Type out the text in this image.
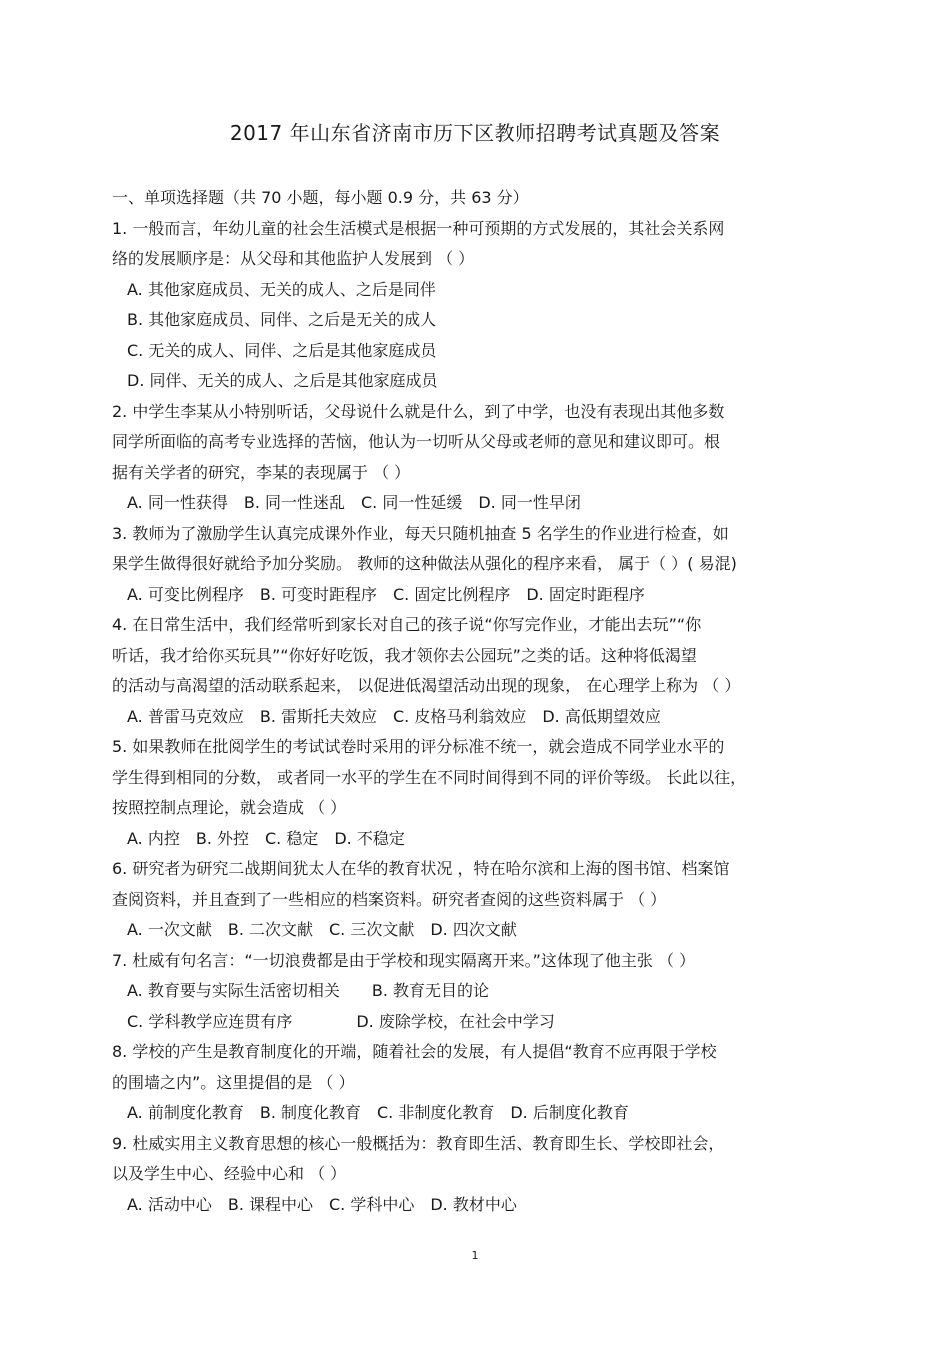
2017 年山东省济南市历下区教师招聘考试真题及答案
一、单项选择题（共 70 小题，每小题 0.9 分，共 63 分）
1. 一般而言，年幼儿童的社会生活模式是根据一种可预期的方式发展的，其社会关系网
络的发展顺序是：从父母和其他监护人发展到 （ ）
A. 其他家庭成员、无关的成人、之后是同伴
B. 其他家庭成员、同伴、之后是无关的成人
C. 无关的成人、同伴、之后是其他家庭成员
D. 同伴、无关的成人、之后是其他家庭成员
2. 中学生李某从小特别听话，父母说什么就是什么，到了中学，也没有表现出其他多数
同学所面临的高考专业选择的苦恼，他认为一切听从父母或老师的意见和建议即可。根
据有关学者的研究，李某的表现属于 （ ）
A. 同一性获得　B. 同一性迷乱　C. 同一性延缓　D. 同一性早闭
3. 教师为了激励学生认真完成课外作业，每天只随机抽查 5 名学生的作业进行检查，如
果学生做得很好就给予加分奖励。 教师的这种做法从强化的程序来看， 属于（ ）( 易混)
A. 可变比例程序　B. 可变时距程序　C. 固定比例程序　D. 固定时距程序
4. 在日常生活中，我们经常听到家长对自己的孩子说“你写完作业，才能出去玩”“你
听话，我才给你买玩具”“你好好吃饭，我才领你去公园玩”之类的话。这种将低渴望
的活动与高渴望的活动联系起来， 以促进低渴望活动出现的现象， 在心理学上称为 （ ）
A. 普雷马克效应　B. 雷斯托夫效应　C. 皮格马利翁效应　D. 高低期望效应
5. 如果教师在批阅学生的考试试卷时采用的评分标准不统一，就会造成不同学业水平的
学生得到相同的分数， 或者同一水平的学生在不同时间得到不同的评价等级。 长此以往，
按照控制点理论，就会造成 （ ）
A. 内控　B. 外控　C. 稳定　D. 不稳定
6. 研究者为研究二战期间犹太人在华的教育状况 ，特在哈尔滨和上海的图书馆、档案馆
查阅资料，并且查到了一些相应的档案资料。研究者查阅的这些资料属于 （ ）
A. 一次文献　B. 二次文献　C. 三次文献　D. 四次文献
7. 杜威有句名言：“一切浪费都是由于学校和现实隔离开来。”这体现了他主张 （ ）
A. 教育要与实际生活密切相关　　B. 教育无目的论
C. 学科教学应连贯有序　　　　D. 废除学校，在社会中学习
8. 学校的产生是教育制度化的开端，随着社会的发展，有人提倡“教育不应再限于学校
的围墙之内”。这里提倡的是 （ ）
A. 前制度化教育　B. 制度化教育　C. 非制度化教育　D. 后制度化教育
9. 杜威实用主义教育思想的核心一般概括为：教育即生活、教育即生长、学校即社会，
以及学生中心、经验中心和 （ ）
A. 活动中心　B. 课程中心　C. 学科中心　D. 教材中心
1
